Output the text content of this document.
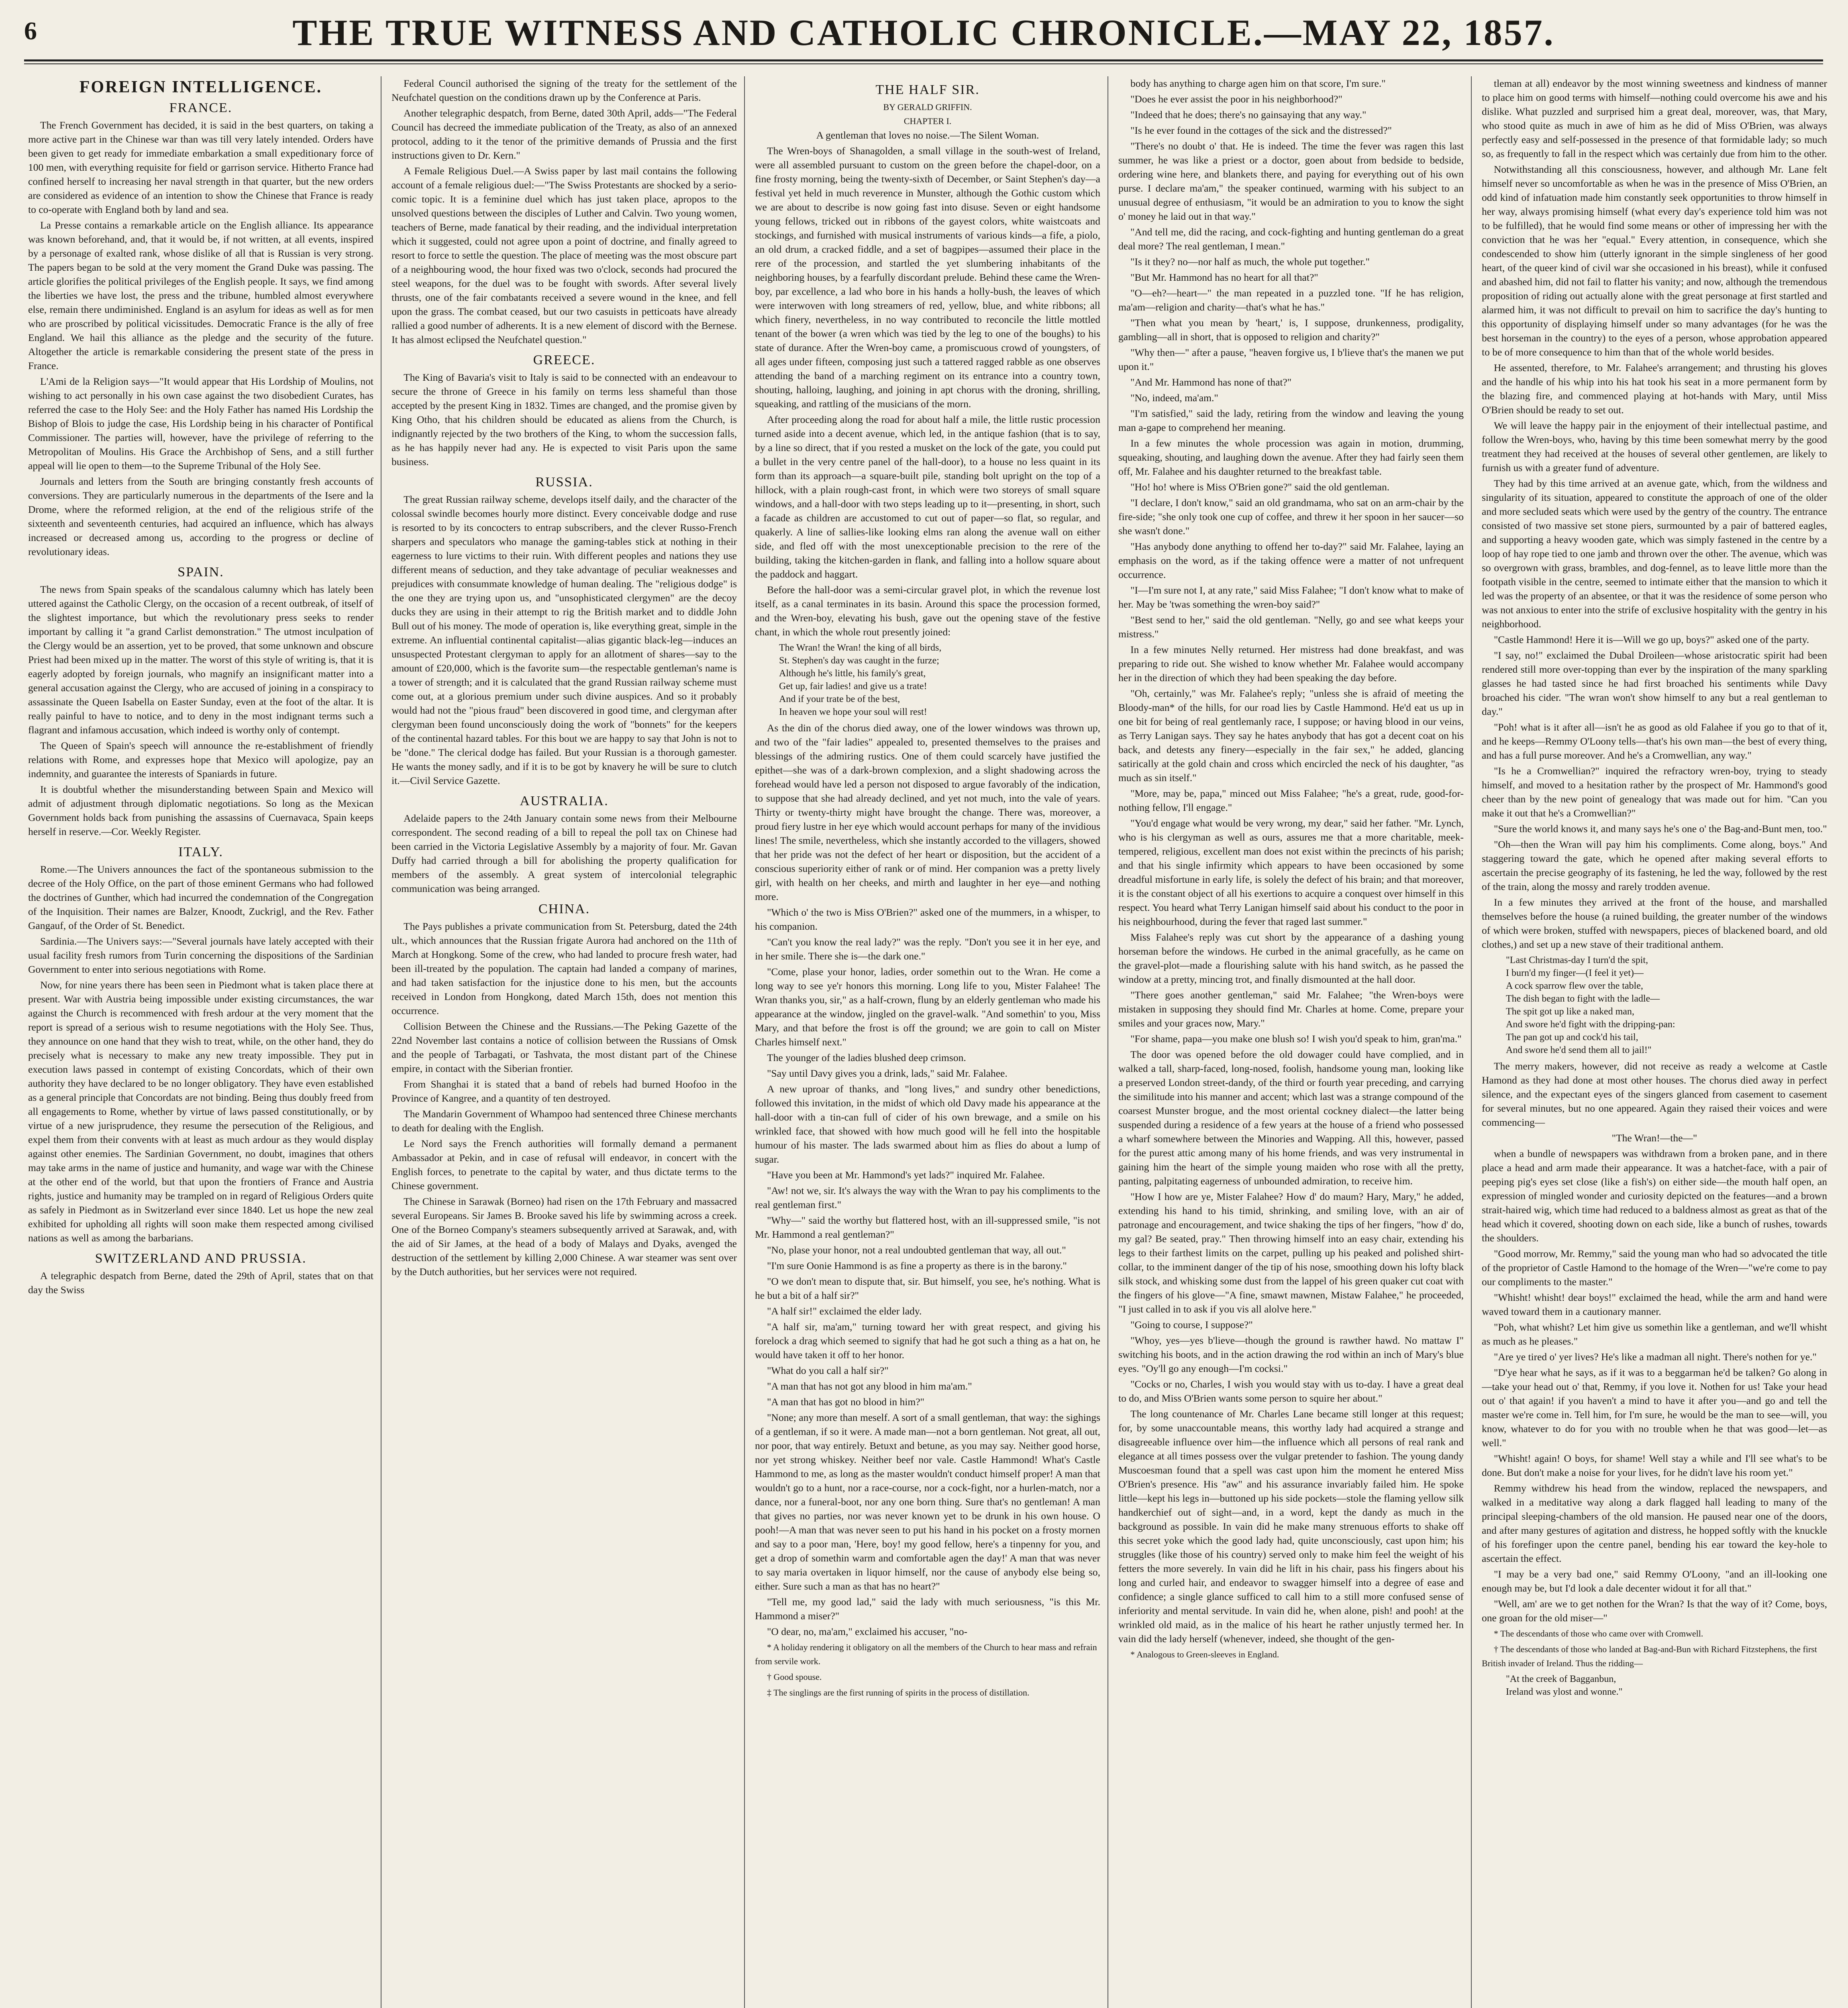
6	THE TRUE WITNESS AND CATHOLIC CHRONICLE.—MAY 22, 1857.
FOREIGN INTELLIGENCE.
FRANCE.

The French Government has decided, it is said in the best quarters, on taking a more active part in the Chinese war than was till very lately intended. Orders have been given to get ready for immediate embarkation a small expeditionary force of 100 men, with everything requisite for field or garrison service. Hitherto France had confined herself to increasing her naval strength in that quarter, but the new orders are considered as evidence of an intention to show the Chinese that France is ready to co-operate with England both by land and sea.

La Presse contains a remarkable article on the English alliance. Its appearance was known beforehand, and, that it would be, if not written, at all events, inspired by a personage of exalted rank, whose dislike of all that is Russian is very strong. The papers began to be sold at the very moment the Grand Duke was passing. The article glorifies the political privileges of the English people. It says, we find among the liberties we have lost, the press and the tribune, humbled almost everywhere else, remain there undiminished. England is an asylum for ideas as well as for men who are proscribed by political vicissitudes. Democratic France is the ally of free England. We hail this alliance as the pledge and the security of the future. Altogether the article is remarkable considering the present state of the press in France.

L'Ami de la Religion says—"It would appear that His Lordship of Moulins, not wishing to act personally in his own case against the two disobedient Curates, has referred the case to the Holy See: and the Holy Father has named His Lordship the Bishop of Blois to judge the case, His Lordship being in his character of Pontifical Commissioner. The parties will, however, have the privilege of referring to the Metropolitan of Moulins. His Grace the Archbishop of Sens, and a still further appeal will lie open to them—to the Supreme Tribunal of the Holy See.

Journals and letters from the South are bringing constantly fresh accounts of conversions. They are particularly numerous in the departments of the Isere and la Drome, where the reformed religion, at the end of the religious strife of the sixteenth and seventeenth centuries, had acquired an influence, which has always increased or decreased among us, according to the progress or decline of revolutionary ideas.

SPAIN.

The news from Spain speaks of the scandalous calumny which has lately been uttered against the Catholic Clergy, on the occasion of a recent outbreak, of itself of the slightest importance, but which the revolutionary press seeks to render important by calling it "a grand Carlist demonstration." The utmost inculpation of the Clergy would be an assertion, yet to be proved, that some unknown and obscure Priest had been mixed up in the matter. The worst of this style of writing is, that it is eagerly adopted by foreign journals, who magnify an insignificant matter into a general accusation against the Clergy, who are accused of joining in a conspiracy to assassinate the Queen Isabella on Easter Sunday, even at the foot of the altar. It is really painful to have to notice, and to deny in the most indignant terms such a flagrant and infamous accusation, which indeed is worthy only of contempt.

The Queen of Spain's speech will announce the re-establishment of friendly relations with Rome, and expresses hope that Mexico will apologize, pay an indemnity, and guarantee the interests of Spaniards in future.

It is doubtful whether the misunderstanding between Spain and Mexico will admit of adjustment through diplomatic negotiations. So long as the Mexican Government holds back from punishing the assassins of Cuernavaca, Spain keeps herself in reserve.—Cor. Weekly Register.

ITALY.

Rome.—The Univers announces the fact of the spontaneous submission to the decree of the Holy Office, on the part of those eminent Germans who had followed the doctrines of Gunther, which had incurred the condemnation of the Congregation of the Inquisition. Their names are Balzer, Knoodt, Zuckrigl, and the Rev. Father Gangauf, of the Order of St. Benedict.

Sardinia.—The Univers says:—"Several journals have lately accepted with their usual facility fresh rumors from Turin concerning the dispositions of the Sardinian Government to enter into serious negotiations with Rome.

Now, for nine years there has been seen in Piedmont what is taken place there at present. War with Austria being impossible under existing circumstances, the war against the Church is recommenced with fresh ardour at the very moment that the report is spread of a serious wish to resume negotiations with the Holy See. Thus, they announce on one hand that they wish to treat, while, on the other hand, they do precisely what is necessary to make any new treaty impossible. They put in execution laws passed in contempt of existing Concordats, which of their own authority they have declared to be no longer obligatory. They have even established as a general principle that Concordats are not binding. Being thus doubly freed from all engagements to Rome, whether by virtue of laws passed constitutionally, or by virtue of a new jurisprudence, they resume the persecution of the Religious, and expel them from their convents with at least as much ardour as they would display against other enemies. The Sardinian Government, no doubt, imagines that others may take arms in the name of justice and humanity, and wage war with the Chinese at the other end of the world, but that upon the frontiers of France and Austria rights, justice and humanity may be trampled on in regard of Religious Orders quite as safely in Piedmont as in Switzerland ever since 1840. Let us hope the new zeal exhibited for upholding all rights will soon make them respected among civilised nations as well as among the barbarians.

SWITZERLAND AND PRUSSIA.

A telegraphic despatch from Berne, dated the 29th of April, states that on that day the Swiss

Federal Council authorised the signing of the treaty for the settlement of the Neufchatel question on the conditions drawn up by the Conference at Paris.

Another telegraphic despatch, from Berne, dated 30th April, adds—"The Federal Council has decreed the immediate publication of the Treaty, as also of an annexed protocol, adding to it the tenor of the primitive demands of Prussia and the first instructions given to Dr. Kern."

A Female Religious Duel.—A Swiss paper by last mail contains the following account of a female religious duel:—"The Swiss Protestants are shocked by a serio-comic topic. It is a feminine duel which has just taken place, apropos to the unsolved questions between the disciples of Luther and Calvin. Two young women, teachers of Berne, made fanatical by their reading, and the individual interpretation which it suggested, could not agree upon a point of doctrine, and finally agreed to resort to force to settle the question. The place of meeting was the most obscure part of a neighbouring wood, the hour fixed was two o'clock, seconds had procured the steel weapons, for the duel was to be fought with swords. After several lively thrusts, one of the fair combatants received a severe wound in the knee, and fell upon the grass. The combat ceased, but our two casuists in petticoats have already rallied a good number of adherents. It is a new element of discord with the Bernese. It has almost eclipsed the Neufchatel question."

GREECE.

The King of Bavaria's visit to Italy is said to be connected with an endeavour to secure the throne of Greece in his family on terms less shameful than those accepted by the present King in 1832. Times are changed, and the promise given by King Otho, that his children should be educated as aliens from the Church, is indignantly rejected by the two brothers of the King, to whom the succession falls, as he has happily never had any. He is expected to visit Paris upon the same business.

RUSSIA.

The great Russian railway scheme, develops itself daily, and the character of the colossal swindle becomes hourly more distinct. Every conceivable dodge and ruse is resorted to by its concocters to entrap subscribers, and the clever Russo-French sharpers and speculators who manage the gaming-tables stick at nothing in their eagerness to lure victims to their ruin. With different peoples and nations they use different means of seduction, and they take advantage of peculiar weaknesses and prejudices with consummate knowledge of human dealing. The "religious dodge" is the one they are trying upon us, and "unsophisticated clergymen" are the decoy ducks they are using in their attempt to rig the British market and to diddle John Bull out of his money. The mode of operation is, like everything great, simple in the extreme. An influential continental capitalist—alias gigantic black-leg—induces an unsuspected Protestant clergyman to apply for an allotment of shares—say to the amount of £20,000, which is the favorite sum—the respectable gentleman's name is a tower of strength; and it is calculated that the grand Russian railway scheme must come out, at a glorious premium under such divine auspices. And so it probably would had not the "pious fraud" been discovered in good time, and clergyman after clergyman been found unconsciously doing the work of "bonnets" for the keepers of the continental hazard tables. For this bout we are happy to say that John is not to be "done." The clerical dodge has failed. But your Russian is a thorough gamester. He wants the money sadly, and if it is to be got by knavery he will be sure to clutch it.—Civil Service Gazette.

AUSTRALIA.

Adelaide papers to the 24th January contain some news from their Melbourne correspondent. The second reading of a bill to repeal the poll tax on Chinese had been carried in the Victoria Legislative Assembly by a majority of four. Mr. Gavan Duffy had carried through a bill for abolishing the property qualification for members of the assembly. A great system of intercolonial telegraphic communication was being arranged.

CHINA.

The Pays publishes a private communication from St. Petersburg, dated the 24th ult., which announces that the Russian frigate Aurora had anchored on the 11th of March at Hongkong. Some of the crew, who had landed to procure fresh water, had been ill-treated by the population. The captain had landed a company of marines, and had taken satisfaction for the injustice done to his men, but the accounts received in London from Hongkong, dated March 15th, does not mention this occurrence.

Collision Between the Chinese and the Russians.—The Peking Gazette of the 22nd November last contains a notice of collision between the Russians of Omsk and the people of Tarbagati, or Tashvata, the most distant part of the Chinese empire, in contact with the Siberian frontier.

From Shanghai it is stated that a band of rebels had burned Hoofoo in the Province of Kangree, and a quantity of ten destroyed.

The Mandarin Government of Whampoo had sentenced three Chinese merchants to death for dealing with the English.

Le Nord says the French authorities will formally demand a permanent Ambassador at Pekin, and in case of refusal will endeavor, in concert with the English forces, to penetrate to the capital by water, and thus dictate terms to the Chinese government.

The Chinese in Sarawak (Borneo) had risen on the 17th February and massacred several Europeans. Sir James B. Brooke saved his life by swimming across a creek. One of the Borneo Company's steamers subsequently arrived at Sarawak, and, with the aid of Sir James, at the head of a body of Malays and Dyaks, avenged the destruction of the settlement by killing 2,000 Chinese. A war steamer was sent over by the Dutch authorities, but her services were not required.

THE HALF SIR.
BY GERALD GRIFFIN.
CHAPTER I.

A gentleman that loves no noise.—The Silent Woman.

The Wren-boys of Shanagolden, a small village in the south-west of Ireland, were all assembled pursuant to custom on the green before the chapel-door, on a fine frosty morning, being the twenty-sixth of December, or Saint Stephen's day—a festival yet held in much reverence in Munster, although the Gothic custom which we are about to describe is now going fast into disuse. Seven or eight handsome young fellows, tricked out in ribbons of the gayest colors, white waistcoats and stockings, and furnished with musical instruments of various kinds—a fife, a piolo, an old drum, a cracked fiddle, and a set of bagpipes—assumed their place in the rere of the procession, and startled the yet slumbering inhabitants of the neighboring houses, by a fearfully discordant prelude. Behind these came the Wren-boy, par excellence, a lad who bore in his hands a holly-bush, the leaves of which were interwoven with long streamers of red, yellow, blue, and white ribbons; all which finery, nevertheless, in no way contributed to reconcile the little mottled tenant of the bower (a wren which was tied by the leg to one of the boughs) to his state of durance. After the Wren-boy came, a promiscuous crowd of youngsters, of all ages under fifteen, composing just such a tattered ragged rabble as one observes attending the band of a marching regiment on its entrance into a country town, shouting, halloing, laughing, and joining in apt chorus with the droning, shrilling, squeaking, and rattling of the musicians of the morn.

After proceeding along the road for about half a mile, the little rustic procession turned aside into a decent avenue, which led, in the antique fashion (that is to say, by a line so direct, that if you rested a musket on the lock of the gate, you could put a bullet in the very centre panel of the hall-door), to a house no less quaint in its form than its approach—a square-built pile, standing bolt upright on the top of a hillock, with a plain rough-cast front, in which were two storeys of small square windows, and a hall-door with two steps leading up to it—presenting, in short, such a facade as children are accustomed to cut out of paper—so flat, so regular, and quakerly. A line of sallies-like looking elms ran along the avenue wall on either side, and fled off with the most unexceptionable precision to the rere of the building, taking the kitchen-garden in flank, and falling into a hollow square about the paddock and haggart.

Before the hall-door was a semi-circular gravel plot, in which the revenue lost itself, as a canal terminates in its basin. Around this space the procession formed, and the Wren-boy, elevating his bush, gave out the opening stave of the festive chant, in which the whole rout presently joined:

The Wran! the Wran! the king of all birds,
St. Stephen's day was caught in the furze;
Although he's little, his family's great,
Get up, fair ladies! and give us a trate!
And if your trate be of the best,
In heaven we hope your soul will rest!

As the din of the chorus died away, one of the lower windows was thrown up, and two of the "fair ladies" appealed to, presented themselves to the praises and blessings of the admiring rustics. One of them could scarcely have justified the epithet—she was of a dark-brown complexion, and a slight shadowing across the forehead would have led a person not disposed to argue favorably of the indication, to suppose that she had already declined, and yet not much, into the vale of years. Thirty or twenty-thirty might have brought the change. There was, moreover, a proud fiery lustre in her eye which would account perhaps for many of the invidious lines! The smile, nevertheless, which she instantly accorded to the villagers, showed that her pride was not the defect of her heart or disposition, but the accident of a conscious superiority either of rank or of mind. Her companion was a pretty lively girl, with health on her cheeks, and mirth and laughter in her eye—and nothing more.

"Which o' the two is Miss O'Brien?" asked one of the mummers, in a whisper, to his companion.

"Can't you know the real lady?" was the reply. "Don't you see it in her eye, and in her smile. There she is—the dark one."

"Come, plase your honor, ladies, order somethin out to the Wran. He come a long way to see ye'r honors this morning. Long life to you, Mister Falahee! The Wran thanks you, sir," as a half-crown, flung by an elderly gentleman who made his appearance at the window, jingled on the gravel-walk. "And somethin' to you, Miss Mary, and that before the frost is off the ground; we are goin to call on Mister Charles himself next."

The younger of the ladies blushed deep crimson.

"Say until Davy gives you a drink, lads," said Mr. Falahee.

A new uproar of thanks, and "long lives," and sundry other benedictions, followed this invitation, in the midst of which old Davy made his appearance at the hall-door with a tin-can full of cider of his own brewage, and a smile on his wrinkled face, that showed with how much good will he fell into the hospitable humour of his master. The lads swarmed about him as flies do about a lump of sugar.

"Have you been at Mr. Hammond's yet lads?" inquired Mr. Falahee.

"Aw! not we, sir. It's always the way with the Wran to pay his compliments to the real gentleman first."

"Why—" said the worthy but flattered host, with an ill-suppressed smile, "is not Mr. Hammond a real gentleman?"

"No, plase your honor, not a real undoubted gentleman that way, all out."

"I'm sure Oonie Hammond is as fine a property as there is in the barony."

"O we don't mean to dispute that, sir. But himself, you see, he's nothing. What is he but a bit of a half sir?"

"A half sir!" exclaimed the elder lady.

"A half sir, ma'am," turning toward her with great respect, and giving his forelock a drag which seemed to signify that had he got such a thing as a hat on, he would have taken it off to her honor.

"What do you call a half sir?"

"A man that has not got any blood in him ma'am."

"A man that has got no blood in him?"

"None; any more than meself. A sort of a small gentleman, that way: the sighings of a gentleman, if so it were. A made man—not a born gentleman. Not great, all out, nor poor, that way entirely. Betuxt and betune, as you may say. Neither good horse, nor yet strong whiskey. Neither beef nor vale. Castle Hammond! What's Castle Hammond to me, as long as the master wouldn't conduct himself proper! A man that wouldn't go to a hunt, nor a race-course, nor a cock-fight, nor a hurlen-match, nor a dance, nor a funeral-boot, nor any one born thing. Sure that's no gentleman! A man that gives no parties, nor was never known yet to be drunk in his own house. O pooh!—A man that was never seen to put his hand in his pocket on a frosty mornen and say to a poor man, 'Here, boy! my good fellow, here's a tinpenny for you, and get a drop of somethin warm and comfortable agen the day!' A man that was never to say maria overtaken in liquor himself, nor the cause of anybody else being so, either. Sure such a man as that has no heart?"

"Tell me, my good lad," said the lady with much seriousness, "is this Mr. Hammond a miser?"

"O dear, no, ma'am," exclaimed his accuser, "no-

* A holiday rendering it obligatory on all the members of the Church to hear mass and refrain from servile work.

† Good spouse.

‡ The singlings are the first running of spirits in the process of distillation.

body has anything to charge agen him on that score, I'm sure."

"Does he ever assist the poor in his neighborhood?"

"Indeed that he does; there's no gainsaying that any way."

"Is he ever found in the cottages of the sick and the distressed?"

"There's no doubt o' that. He is indeed. The time the fever was ragen this last summer, he was like a priest or a doctor, goen about from bedside to bedside, ordering wine here, and blankets there, and paying for everything out of his own purse. I declare ma'am," the speaker continued, warming with his subject to an unusual degree of enthusiasm, "it would be an admiration to you to know the sight o' money he laid out in that way."

"And tell me, did the racing, and cock-fighting and hunting gentleman do a great deal more? The real gentleman, I mean."

"Is it they? no—nor half as much, the whole put together."

"But Mr. Hammond has no heart for all that?"

"O—eh?—heart—" the man repeated in a puzzled tone. "If he has religion, ma'am—religion and charity—that's what he has."

"Then what you mean by 'heart,' is, I suppose, drunkenness, prodigality, gambling—all in short, that is opposed to religion and charity?"

"Why then—" after a pause, "heaven forgive us, I b'lieve that's the manen we put upon it."

"And Mr. Hammond has none of that?"

"No, indeed, ma'am."

"I'm satisfied," said the lady, retiring from the window and leaving the young man a-gape to comprehend her meaning.

In a few minutes the whole procession was again in motion, drumming, squeaking, shouting, and laughing down the avenue. After they had fairly seen them off, Mr. Falahee and his daughter returned to the breakfast table.

"Ho! ho! where is Miss O'Brien gone?" said the old gentleman.

"I declare, I don't know," said an old grandmama, who sat on an arm-chair by the fire-side; "she only took one cup of coffee, and threw it her spoon in her saucer—so she wasn't done."

"Has anybody done anything to offend her to-day?" said Mr. Falahee, laying an emphasis on the word, as if the taking offence were a matter of not unfrequent occurrence.

"I—I'm sure not I, at any rate," said Miss Falahee; "I don't know what to make of her. May be 'twas something the wren-boy said?"

"Best send to her," said the old gentleman. "Nelly, go and see what keeps your mistress."

In a few minutes Nelly returned. Her mistress had done breakfast, and was preparing to ride out. She wished to know whether Mr. Falahee would accompany her in the direction of which they had been speaking the day before.

"Oh, certainly," was Mr. Falahee's reply; "unless she is afraid of meeting the Bloody-man* of the hills, for our road lies by Castle Hammond. He'd eat us up in one bit for being of real gentlemanly race, I suppose; or having blood in our veins, as Terry Lanigan says. They say he hates anybody that has got a decent coat on his back, and detests any finery—especially in the fair sex," he added, glancing satirically at the gold chain and cross which encircled the neck of his daughter, "as much as sin itself."

"More, may be, papa," minced out Miss Falahee; "he's a great, rude, good-for-nothing fellow, I'll engage."

"You'd engage what would be very wrong, my dear," said her father. "Mr. Lynch, who is his clergyman as well as ours, assures me that a more charitable, meek-tempered, religious, excellent man does not exist within the precincts of his parish; and that his single infirmity which appears to have been occasioned by some dreadful misfortune in early life, is solely the defect of his brain; and that moreover, it is the constant object of all his exertions to acquire a conquest over himself in this respect. You heard what Terry Lanigan himself said about his conduct to the poor in his neighbourhood, during the fever that raged last summer."

Miss Falahee's reply was cut short by the appearance of a dashing young horseman before the windows. He curbed in the animal gracefully, as he came on the gravel-plot—made a flourishing salute with his hand switch, as he passed the window at a pretty, mincing trot, and finally dismounted at the hall door.

"There goes another gentleman," said Mr. Falahee; "the Wren-boys were mistaken in supposing they should find Mr. Charles at home. Come, prepare your smiles and your graces now, Mary."

"For shame, papa—you make one blush so! I wish you'd speak to him, gran'ma."

The door was opened before the old dowager could have complied, and in walked a tall, sharp-faced, long-nosed, foolish, handsome young man, looking like a preserved London street-dandy, of the third or fourth year preceding, and carrying the similitude into his manner and accent; which last was a strange compound of the coarsest Munster brogue, and the most oriental cockney dialect—the latter being suspended during a residence of a few years at the house of a friend who possessed a wharf somewhere between the Minories and Wapping. All this, however, passed for the purest attic among many of his home friends, and was very instrumental in gaining him the heart of the simple young maiden who rose with all the pretty, panting, palpitating eagerness of unbounded admiration, to receive him.

"How I how are ye, Mister Falahee? How d' do maum? Hary, Mary," he added, extending his hand to his timid, shrinking, and smiling love, with an air of patronage and encouragement, and twice shaking the tips of her fingers, "how d' do, my gal? Be seated, pray." Then throwing himself into an easy chair, extending his legs to their farthest limits on the carpet, pulling up his peaked and polished shirt-collar, to the imminent danger of the tip of his nose, smoothing down his lofty black silk stock, and whisking some dust from the lappel of his green quaker cut coat with the fingers of his glove—"A fine, smawt mawnen, Mistaw Falahee," he proceeded, "I just called in to ask if you vis all alolve here."

"Going to course, I suppose?"

"Whoy, yes—yes b'lieve—though the ground is rawther hawd. No mattaw I" switching his boots, and in the action drawing the rod within an inch of Mary's blue eyes. "Oy'll go any enough—I'm cocksi."

"Cocks or no, Charles, I wish you would stay with us to-day. I have a great deal to do, and Miss O'Brien wants some person to squire her about."

The long countenance of Mr. Charles Lane became still longer at this request; for, by some unaccountable means, this worthy lady had acquired a strange and disagreeable influence over him—the influence which all persons of real rank and elegance at all times possess over the vulgar pretender to fashion. The young dandy Muscoesman found that a spell was cast upon him the moment he entered Miss O'Brien's presence. His "aw" and his assurance invariably failed him. He spoke little—kept his legs in—buttoned up his side pockets—stole the flaming yellow silk handkerchief out of sight—and, in a word, kept the dandy as much in the background as possible. In vain did he make many strenuous efforts to shake off this secret yoke which the good lady had, quite unconsciously, cast upon him; his struggles (like those of his country) served only to make him feel the weight of his fetters the more severely. In vain did he lift in his chair, pass his fingers about his long and curled hair, and endeavor to swagger himself into a degree of ease and confidence; a single glance sufficed to call him to a still more confused sense of inferiority and mental servitude. In vain did he, when alone, pish! and pooh! at the wrinkled old maid, as in the malice of his heart he rather unjustly termed her. In vain did the lady herself (whenever, indeed, she thought of the gen-

* Analogous to Green-sleeves in England.

tleman at all) endeavor by the most winning sweetness and kindness of manner to place him on good terms with himself—nothing could overcome his awe and his dislike. What puzzled and surprised him a great deal, moreover, was, that Mary, who stood quite as much in awe of him as he did of Miss O'Brien, was always perfectly easy and self-possessed in the presence of that formidable lady; so much so, as frequently to fall in the respect which was certainly due from him to the other.

Notwithstanding all this consciousness, however, and although Mr. Lane felt himself never so uncomfortable as when he was in the presence of Miss O'Brien, an odd kind of infatuation made him constantly seek opportunities to throw himself in her way, always promising himself (what every day's experience told him was not to be fulfilled), that he would find some means or other of impressing her with the conviction that he was her "equal." Every attention, in consequence, which she condescended to show him (utterly ignorant in the simple singleness of her good heart, of the queer kind of civil war she occasioned in his breast), while it confused and abashed him, did not fail to flatter his vanity; and now, although the tremendous proposition of riding out actually alone with the great personage at first startled and alarmed him, it was not difficult to prevail on him to sacrifice the day's hunting to this opportunity of displaying himself under so many advantages (for he was the best horseman in the country) to the eyes of a person, whose approbation appeared to be of more consequence to him than that of the whole world besides.

He assented, therefore, to Mr. Falahee's arrangement; and thrusting his gloves and the handle of his whip into his hat took his seat in a more permanent form by the blazing fire, and commenced playing at hot-hands with Mary, until Miss O'Brien should be ready to set out.

We will leave the happy pair in the enjoyment of their intellectual pastime, and follow the Wren-boys, who, having by this time been somewhat merry by the good treatment they had received at the houses of several other gentlemen, are likely to furnish us with a greater fund of adventure.

They had by this time arrived at an avenue gate, which, from the wildness and singularity of its situation, appeared to constitute the approach of one of the older and more secluded seats which were used by the gentry of the country. The entrance consisted of two massive set stone piers, surmounted by a pair of battered eagles, and supporting a heavy wooden gate, which was simply fastened in the centre by a loop of hay rope tied to one jamb and thrown over the other. The avenue, which was so overgrown with grass, brambles, and dog-fennel, as to leave little more than the footpath visible in the centre, seemed to intimate either that the mansion to which it led was the property of an absentee, or that it was the residence of some person who was not anxious to enter into the strife of exclusive hospitality with the gentry in his neighborhood.

"Castle Hammond! Here it is—Will we go up, boys?" asked one of the party.

"I say, no!" exclaimed the Dubal Droileen—whose aristocratic spirit had been rendered still more over-topping than ever by the inspiration of the many sparkling glasses he had tasted since he had first broached his sentiments while Davy broached his cider. "The wran won't show himself to any but a real gentleman to day."

"Poh! what is it after all—isn't he as good as old Falahee if you go to that of it, and he keeps—Remmy O'Loony tells—that's his own man—the best of every thing, and has a full purse moreover. And he's a Cromwellian, any way."

"Is he a Cromwellian?" inquired the refractory wren-boy, trying to steady himself, and moved to a hesitation rather by the prospect of Mr. Hammond's good cheer than by the new point of genealogy that was made out for him. "Can you make it out that he's a Cromwellian?"

"Sure the world knows it, and many says he's one o' the Bag-and-Bunt men, too."

"Oh—then the Wran will pay him his compliments. Come along, boys." And staggering toward the gate, which he opened after making several efforts to ascertain the precise geography of its fastening, he led the way, followed by the rest of the train, along the mossy and rarely trodden avenue.

In a few minutes they arrived at the front of the house, and marshalled themselves before the house (a ruined building, the greater number of the windows of which were broken, stuffed with newspapers, pieces of blackened board, and old clothes,) and set up a new stave of their traditional anthem.

"Last Christmas-day I turn'd the spit,
I burn'd my finger—(I feel it yet)—
A cock sparrow flew over the table,
The dish began to fight with the ladle—
The spit got up like a naked man,
And swore he'd fight with the dripping-pan:
The pan got up and cock'd his tail,
And swore he'd send them all to jail!"

The merry makers, however, did not receive as ready a welcome at Castle Hamond as they had done at most other houses. The chorus died away in perfect silence, and the expectant eyes of the singers glanced from casement to casement for several minutes, but no one appeared. Again they raised their voices and were commencing—

"The Wran!—the—"

when a bundle of newspapers was withdrawn from a broken pane, and in there place a head and arm made their appearance. It was a hatchet-face, with a pair of peeping pig's eyes set close (like a fish's) on either side—the mouth half open, an expression of mingled wonder and curiosity depicted on the features—and a brown strait-haired wig, which time had reduced to a baldness almost as great as that of the head which it covered, shooting down on each side, like a bunch of rushes, towards the shoulders.

"Good morrow, Mr. Remmy," said the young man who had so advocated the title of the proprietor of Castle Hamond to the homage of the Wren—"we're come to pay our compliments to the master."

"Whisht! whisht! dear boys!" exclaimed the head, while the arm and hand were waved toward them in a cautionary manner.

"Poh, what whisht? Let him give us somethin like a gentleman, and we'll whisht as much as he pleases."

"Are ye tired o' yer lives? He's like a madman all night. There's nothen for ye."

"D'ye hear what he says, as if it was to a beggarman he'd be talken? Go along in—take your head out o' that, Remmy, if you love it. Nothen for us! Take your head out o' that again! if you haven't a mind to have it after you—and go and tell the master we're come in. Tell him, for I'm sure, he would be the man to see—will, you know, whatever to do for you with no trouble when he that was good—let—as well."

"Whisht! again! O boys, for shame! Well stay a while and I'll see what's to be done. But don't make a noise for your lives, for he didn't lave his room yet."

Remmy withdrew his head from the window, replaced the newspapers, and walked in a meditative way along a dark flagged hall leading to many of the principal sleeping-chambers of the old mansion. He paused near one of the doors, and after many gestures of agitation and distress, he hopped softly with the knuckle of his forefinger upon the centre panel, bending his ear toward the key-hole to ascertain the effect.

"I may be a very bad one," said Remmy O'Loony, "and an ill-looking one enough may be, but I'd look a dale decenter widout it for all that."

"Well, am' are we to get nothen for the Wran? Is that the way of it? Come, boys, one groan for the old miser—"

* The descendants of those who came over with Cromwell.

† The descendants of those who landed at Bag-and-Bun with Richard Fitzstephens, the first British invader of Ireland. Thus the ridding—

"At the creek of Bagganbun,
Ireland was ylost and wonne."
